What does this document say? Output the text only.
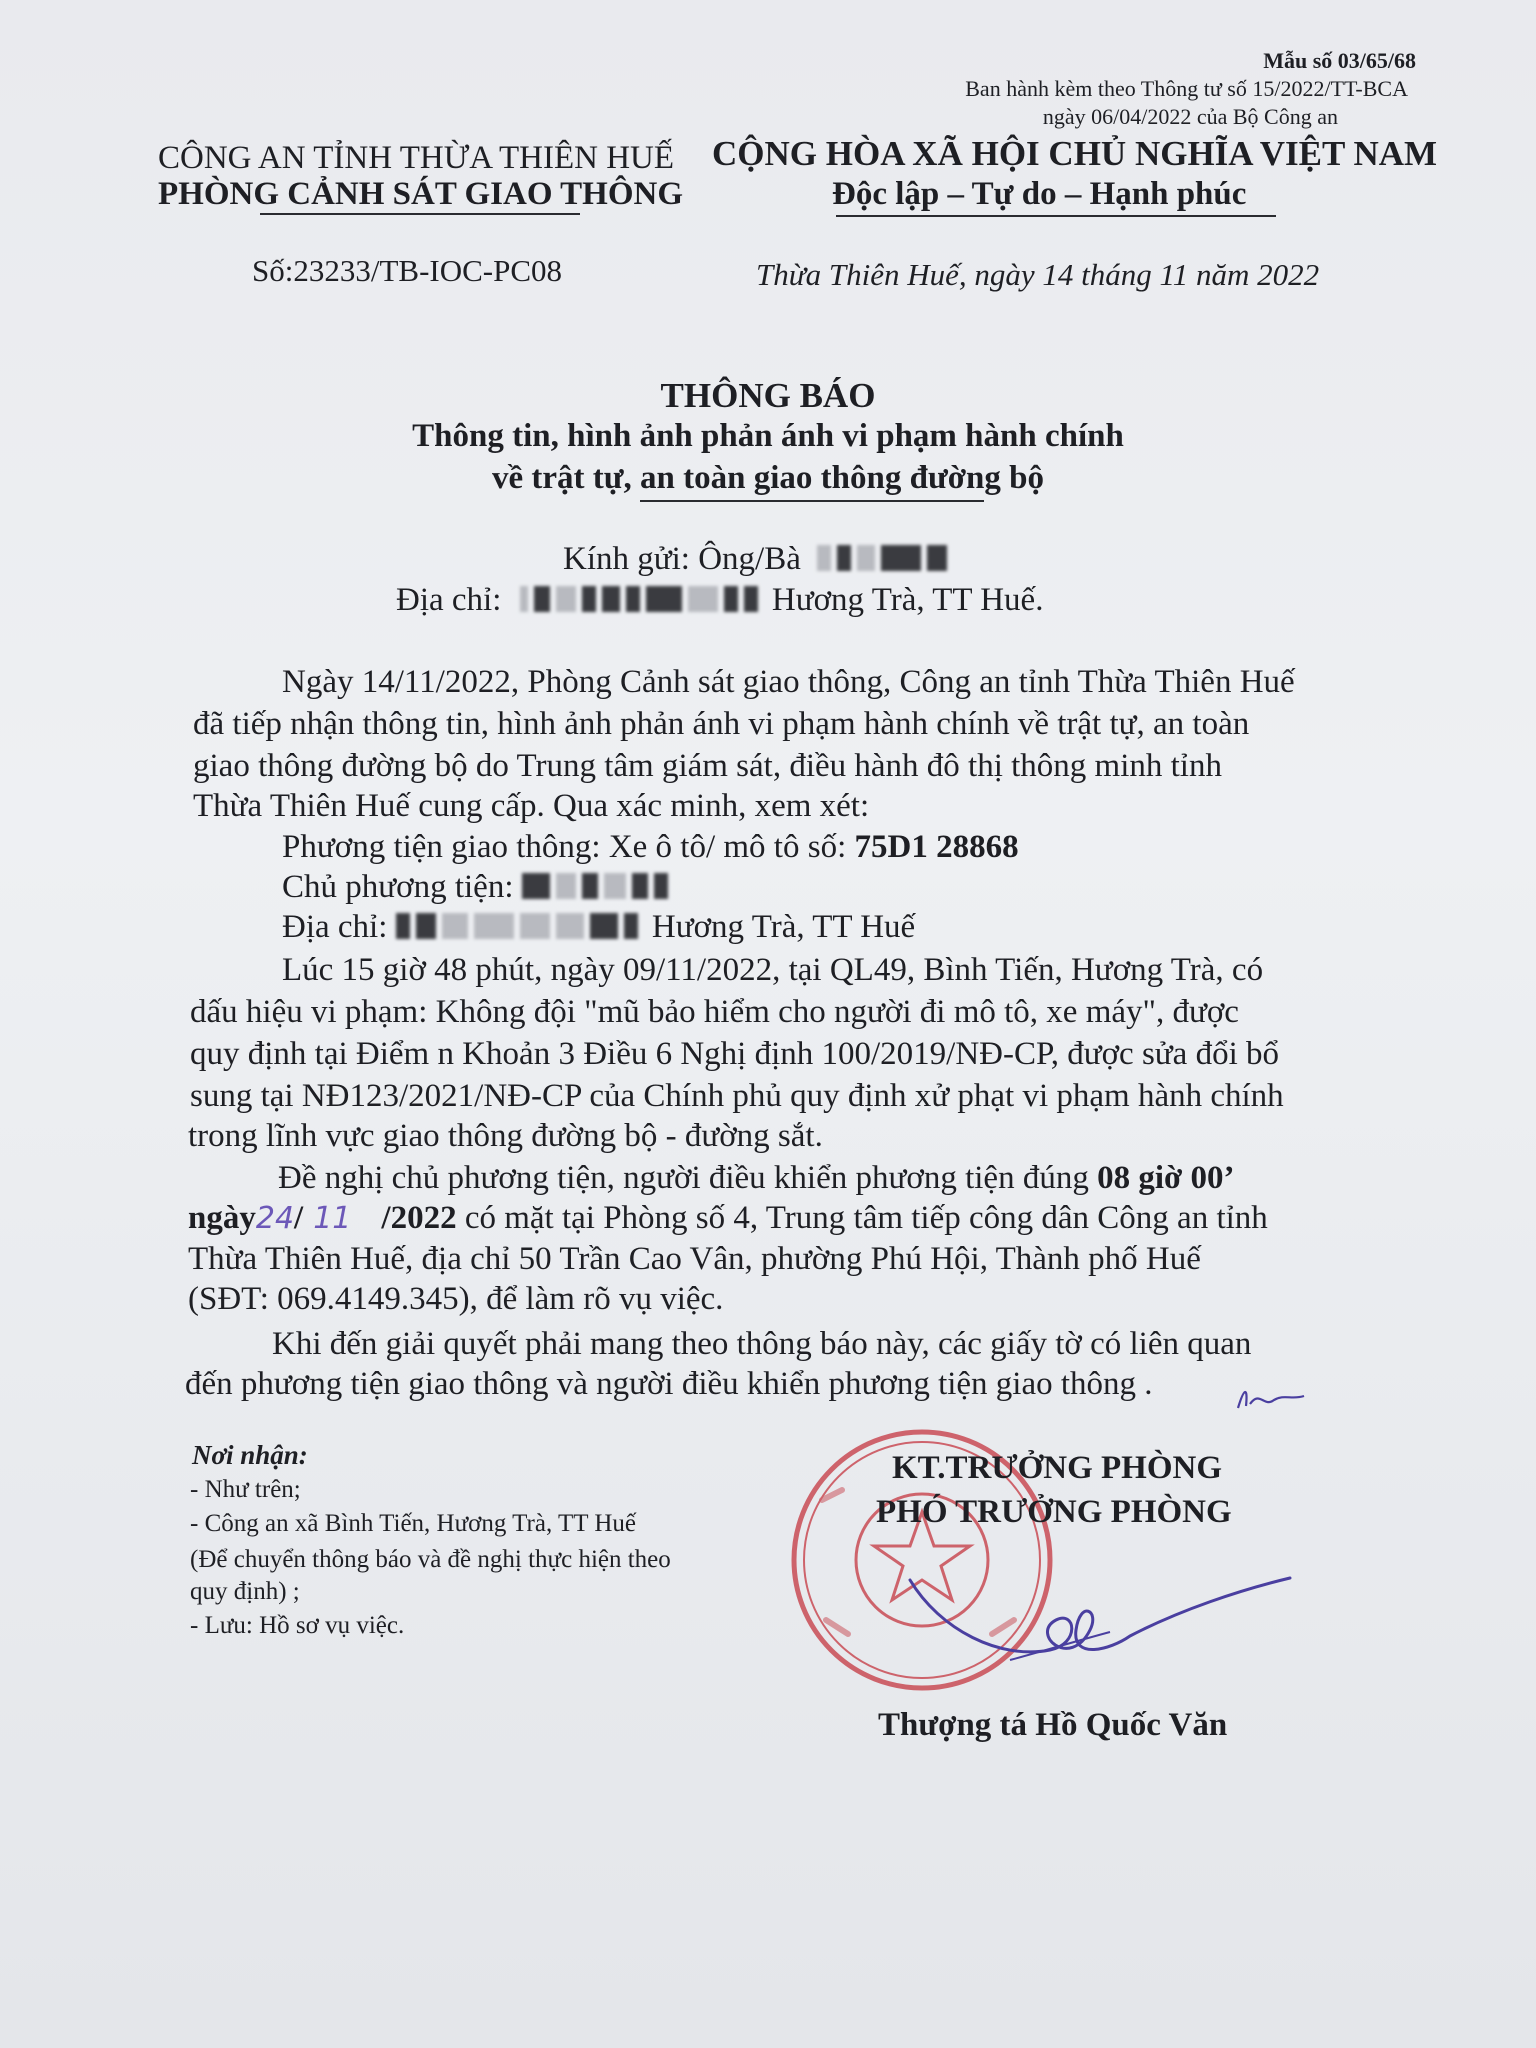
Mẫu số 03/65/68
Ban hành kèm theo Thông tư số 15/2022/TT-BCA
ngày 06/04/2022 của Bộ Công an
CÔNG AN TỈNH THỪA THIÊN HUẾ
PHÒNG CẢNH SÁT GIAO THÔNG
CỘNG HÒA XÃ HỘI CHỦ NGHĨA VIỆT NAM
Độc lập – Tự do – Hạnh phúc
Số:23233/TB-IOC-PC08	Thừa Thiên Huế, ngày 14 tháng 11 năm 2022
THÔNG BÁO
Thông tin, hình ảnh phản ánh vi phạm hành chính
về trật tự, an toàn giao thông đường bộ
Kính gửi: Ông/Bà
Địa chỉ:	Hương Trà, TT Huế.
Ngày 14/11/2022, Phòng Cảnh sát giao thông, Công an tỉnh Thừa Thiên Huế
đã tiếp nhận thông tin, hình ảnh phản ánh vi phạm hành chính về trật tự, an toàn
giao thông đường bộ do Trung tâm giám sát, điều hành đô thị thông minh tỉnh
Thừa Thiên Huế cung cấp. Qua xác minh, xem xét:
Phương tiện giao thông: Xe ô tô/ mô tô số: 75D1 28868
Chủ phương tiện:
Địa chỉ:	Hương Trà, TT Huế
Lúc 15 giờ 48 phút, ngày 09/11/2022, tại QL49, Bình Tiến, Hương Trà, có
dấu hiệu vi phạm: Không đội "mũ bảo hiểm cho người đi mô tô, xe máy", được
quy định tại Điểm n Khoản 3 Điều 6 Nghị định 100/2019/NĐ-CP, được sửa đổi bổ
sung tại NĐ123/2021/NĐ-CP của Chính phủ quy định xử phạt vi phạm hành chính
trong lĩnh vực giao thông đường bộ - đường sắt.
Đề nghị chủ phương tiện, người điều khiển phương tiện đúng 08 giờ 00’
ngày24/ 11 /2022 có mặt tại Phòng số 4, Trung tâm tiếp công dân Công an tỉnh
Thừa Thiên Huế, địa chỉ 50 Trần Cao Vân, phường Phú Hội, Thành phố Huế
(SĐT: 069.4149.345), để làm rõ vụ việc.
Khi đến giải quyết phải mang theo thông báo này, các giấy tờ có liên quan
đến phương tiện giao thông và người điều khiển phương tiện giao thông .
Nơi nhận:
- Như trên;
- Công an xã Bình Tiến, Hương Trà, TT Huế
(Để chuyển thông báo và đề nghị thực hiện theo
quy định) ;
- Lưu: Hồ sơ vụ việc.
KT.TRƯỞNG PHÒNG
PHÓ TRƯỞNG PHÒNG
Thượng tá Hồ Quốc Văn
